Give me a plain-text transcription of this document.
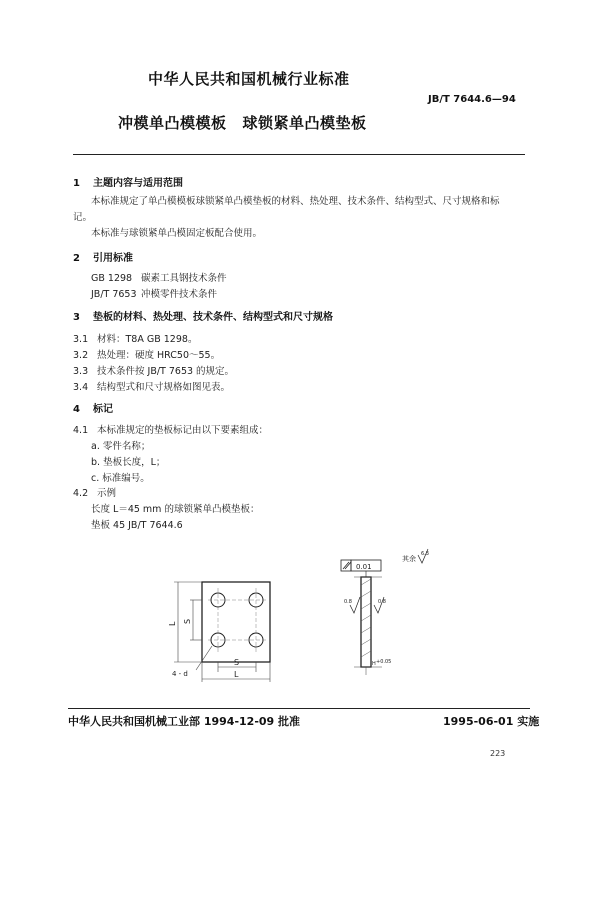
中华人民共和国机械行业标准
JB/T 7644.6—94
冲模单凸模模板 球锁紧单凸模垫板
1 主题内容与适用范围
本标准规定了单凸模模板球锁紧单凸模垫板的材料、热处理、技术条件、结构型式、尺寸规格和标
记。
本标准与球锁紧单凸模固定板配合使用。
2 引用标准
GB 1298 碳素工具钢技术条件
JB/T 7653 冲模零件技术条件
3 垫板的材料、热处理、技术条件、结构型式和尺寸规格
3.1 材料：T8A GB 1298。
3.2 热处理：硬度 HRC50～55。
3.3 技术条件按 JB/T 7653 的规定。
3.4 结构型式和尺寸规格如图见表。
4 标记
4.1 本标准规定的垫板标记由以下要素组成：
a. 零件名称；
b. 垫板长度，L；
c. 标准编号。
4.2 示例
长度 L＝45 mm 的球锁紧单凸模垫板：
垫板 45 JB/T 7644.6
L S
S
L
4 - d
0.01
0.8	0.8
H +0.05
其余
6.3
中华人民共和国机械工业部 1994-12-09 批准	1995-06-01 实施
223
